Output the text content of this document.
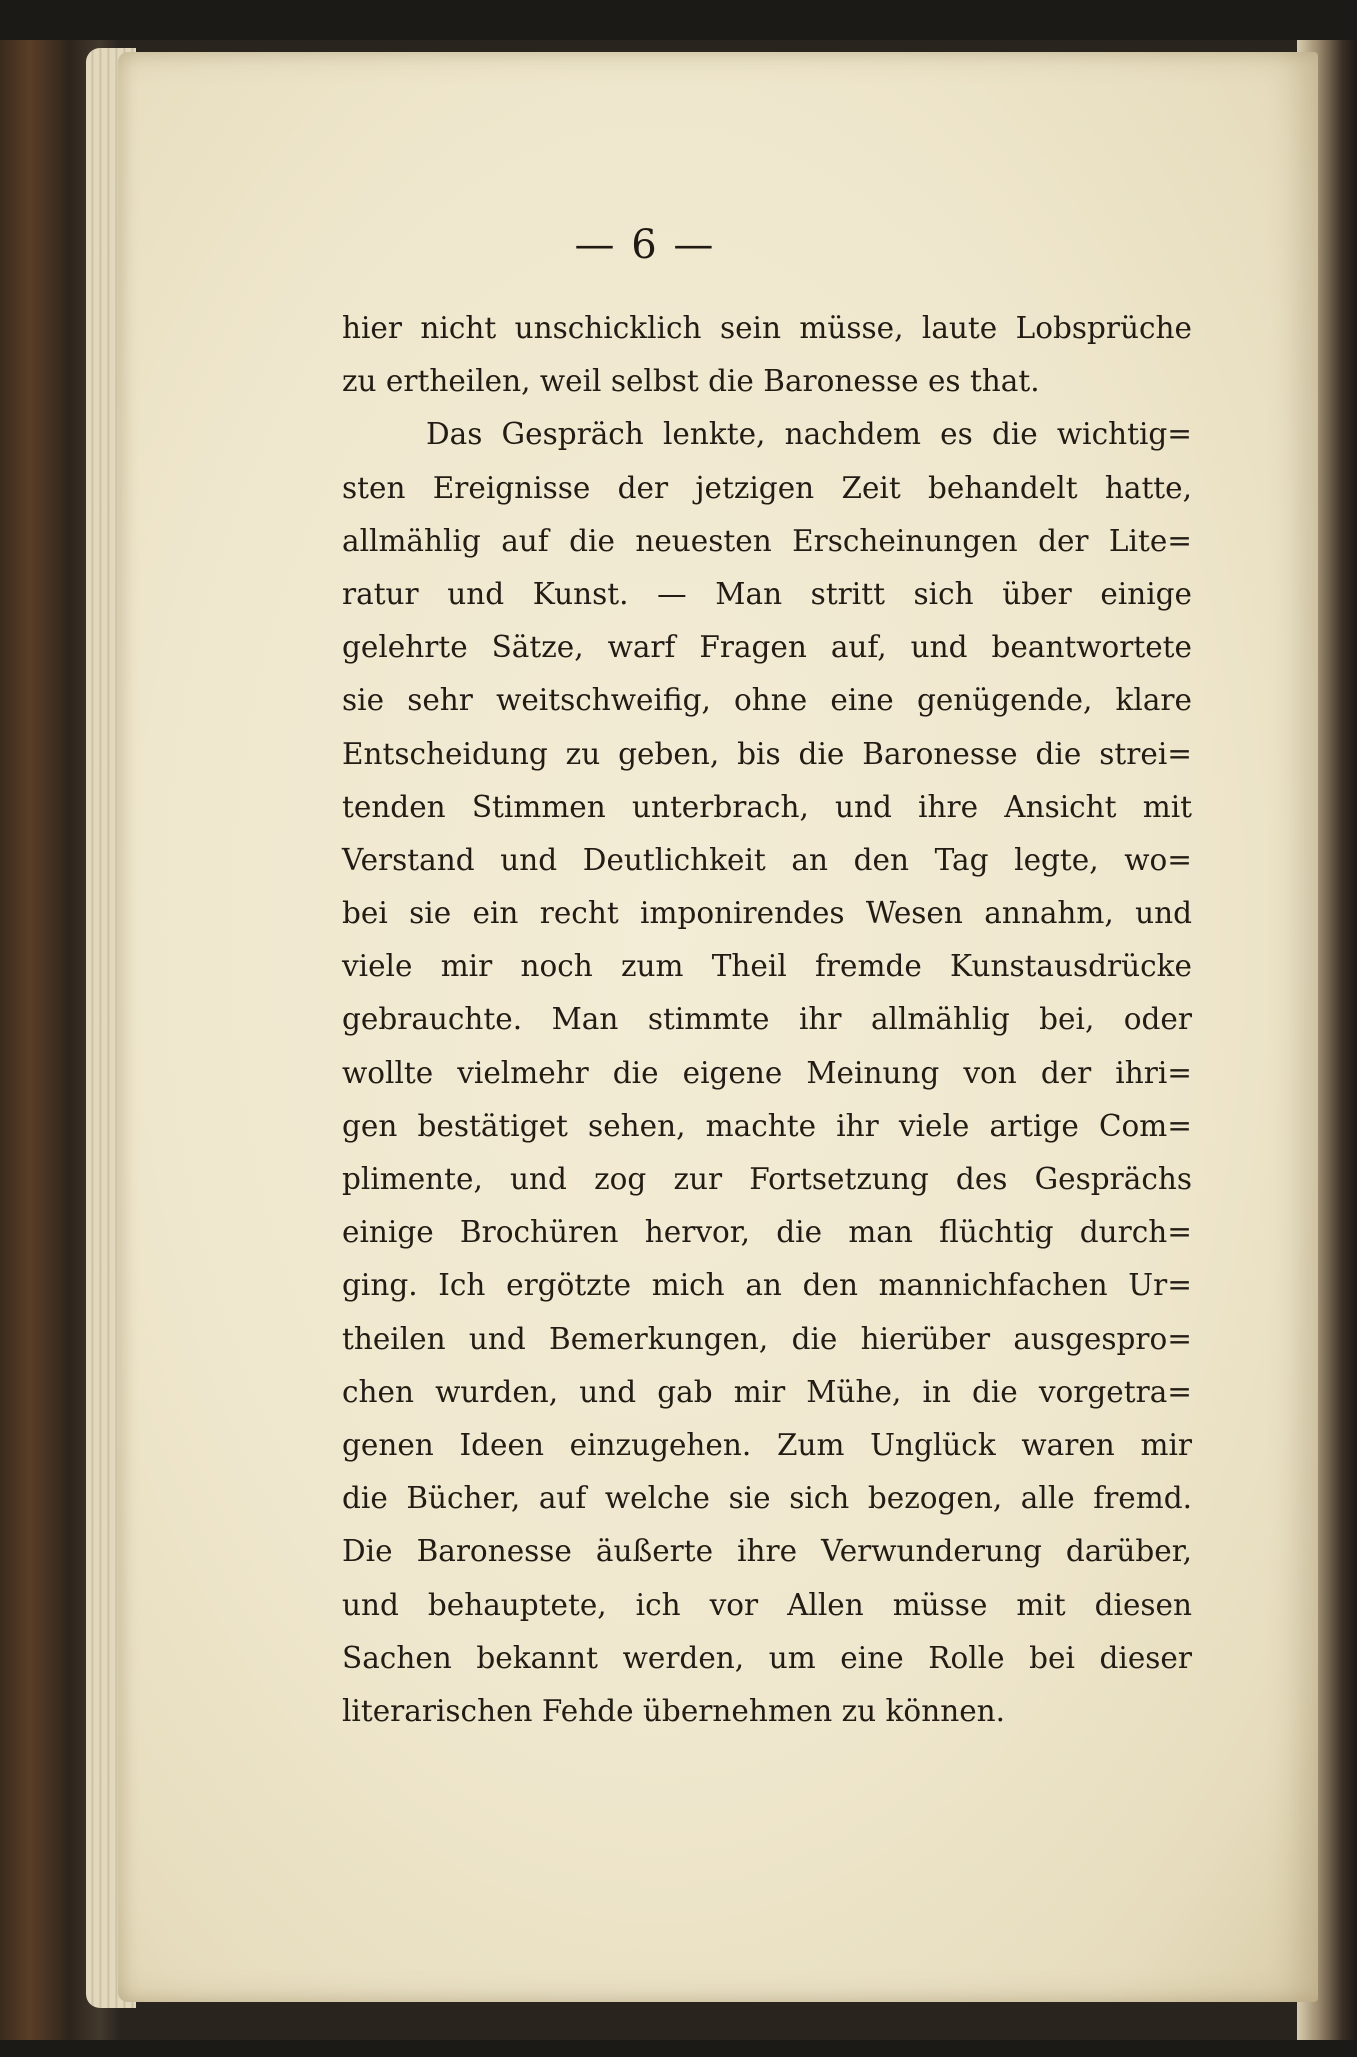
— 6 —
hier nicht unschicklich sein müsse, laute Lobsprüche
zu ertheilen, weil selbst die Baronesse es that.
Das Gespräch lenkte, nachdem es die wichtig=
sten Ereignisse der jetzigen Zeit behandelt hatte,
allmählig auf die neuesten Erscheinungen der Lite=
ratur und Kunst. — Man stritt sich über einige
gelehrte Sätze, warf Fragen auf, und beantwortete
sie sehr weitschweifig, ohne eine genügende, klare
Entscheidung zu geben, bis die Baronesse die strei=
tenden Stimmen unterbrach, und ihre Ansicht mit
Verstand und Deutlichkeit an den Tag legte, wo=
bei sie ein recht imponirendes Wesen annahm, und
viele mir noch zum Theil fremde Kunstausdrücke
gebrauchte. Man stimmte ihr allmählig bei, oder
wollte vielmehr die eigene Meinung von der ihri=
gen bestätiget sehen, machte ihr viele artige Com=
plimente, und zog zur Fortsetzung des Gesprächs
einige Brochüren hervor, die man flüchtig durch=
ging. Ich ergötzte mich an den mannichfachen Ur=
theilen und Bemerkungen, die hierüber ausgespro=
chen wurden, und gab mir Mühe, in die vorgetra=
genen Ideen einzugehen. Zum Unglück waren mir
die Bücher, auf welche sie sich bezogen, alle fremd.
Die Baronesse äußerte ihre Verwunderung darüber,
und behauptete, ich vor Allen müsse mit diesen
Sachen bekannt werden, um eine Rolle bei dieser
literarischen Fehde übernehmen zu können.
